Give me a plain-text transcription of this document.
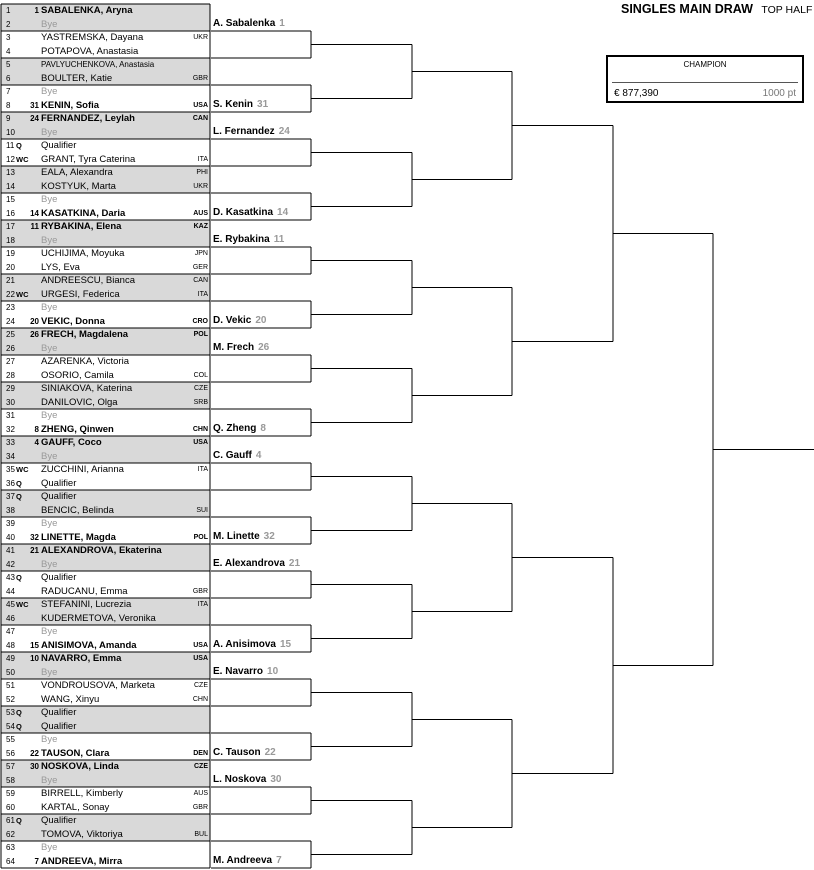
1	1 SABALENKA, Aryna
2	Bye
3	YASTREMSKA, Dayana	UKR
4	POTAPOVA, Anastasia
5	PAVLYUCHENKOVA, Anastasia
6	BOULTER, Katie	GBR
7	Bye
8	31 KENIN, Sofia	USA
9	24 FERNANDEZ, Leylah	CAN
10	Bye
11 Q	Qualifier
12 WC	GRANT, Tyra Caterina	ITA
13	EALA, Alexandra	PHI
14	KOSTYUK, Marta	UKR
15	Bye
16	14 KASATKINA, Daria	AUS
17	11 RYBAKINA, Elena	KAZ
18	Bye
19	UCHIJIMA, Moyuka	JPN
20	LYS, Eva	GER
21	ANDREESCU, Bianca	CAN
22 WC	URGESI, Federica	ITA
23	Bye
24	20 VEKIC, Donna	CRO
25	26 FRECH, Magdalena	POL
26	Bye
27	AZARENKA, Victoria
28	OSORIO, Camila	COL
29	SINIAKOVA, Katerina	CZE
30	DANILOVIC, Olga	SRB
31	Bye
32	8 ZHENG, Qinwen	CHN
33	4 GAUFF, Coco	USA
34	Bye
35 WC	ZUCCHINI, Arianna	ITA
36 Q	Qualifier
37 Q	Qualifier
38	BENCIC, Belinda	SUI
39	Bye
40	32 LINETTE, Magda	POL
41	21 ALEXANDROVA, Ekaterina
42	Bye
43 Q	Qualifier
44	RADUCANU, Emma	GBR
45 WC	STEFANINI, Lucrezia	ITA
46	KUDERMETOVA, Veronika
47	Bye
48	15 ANISIMOVA, Amanda	USA
49	10 NAVARRO, Emma	USA
50	Bye
51	VONDROUSOVA, Marketa	CZE
52	WANG, Xinyu	CHN
53 Q	Qualifier
54 Q	Qualifier
55	Bye
56	22 TAUSON, Clara	DEN
57	30 NOSKOVA, Linda	CZE
58	Bye
59	BIRRELL, Kimberly	AUS
60	KARTAL, Sonay	GBR
61 Q	Qualifier
62	TOMOVA, Viktoriya	BUL
63	Bye
64	7 ANDREEVA, Mirra
A. Sabalenka 1
S. Kenin 31
L. Fernandez 24
D. Kasatkina 14
E. Rybakina 11
D. Vekic 20
M. Frech 26
Q. Zheng 8
C. Gauff 4
M. Linette 32
E. Alexandrova 21
A. Anisimova 15
E. Navarro 10
C. Tauson 22
L. Noskova 30
M. Andreeva 7
SINGLES MAIN DRAW TOP HALF
CHAMPION
€ 877,390	1000 pt
